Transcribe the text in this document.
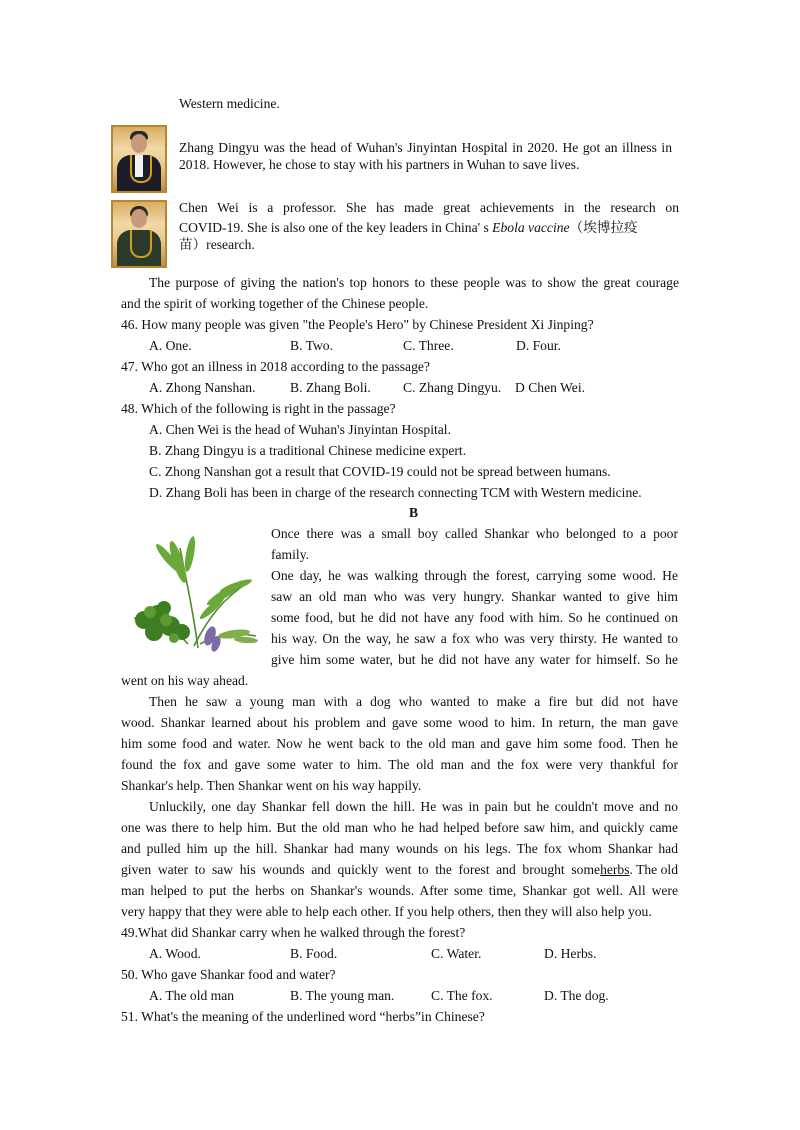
Western medicine.
Zhang Dingyu was the head of Wuhan's Jinyintan Hospital in 2020. He got an illness in
2018. However, he chose to stay with his partners in Wuhan to save lives.
Chen Wei is a professor. She has made great achievements in the research on
COVID-19. She is also one of the key leaders in China' s Ebola vaccine（埃博拉疫
苗）research.
The purpose of giving the nation's top honors to these people was to show the great courage
and the spirit of working together of the Chinese people.
46. How many people was given "the People's Hero" by Chinese President Xi Jinping?
A. One.	B. Two.	C. Three.	D. Four.
47. Who got an illness in 2018 according to the passage?
A. Zhong Nanshan.	B. Zhang Boli. C. Zhang Dingyu. D Chen Wei.
48. Which of the following is right in the passage?
A. Chen Wei is the head of Wuhan's Jinyintan Hospital.
B. Zhang Dingyu is a traditional Chinese medicine expert.
C. Zhong Nanshan got a result that COVID-19 could not be spread between humans.
D. Zhang Boli has been in charge of the research connecting TCM with Western medicine.
B
Once there was a small boy called Shankar who belonged to a poor
family.
One day, he was walking through the forest, carrying some wood. He
saw an old man who was very hungry. Shankar wanted to give him
some food, but he did not have any food with him. So he continued on
his way. On the way, he saw a fox who was very thirsty. He wanted to
give him some water, but he did not have any water for himself. So he
went on his way ahead.
Then he saw a young man with a dog who wanted to make a fire but did not have
wood. Shankar learned about his problem and gave some wood to him. In return, the man gave
him some food and water. Now he went back to the old man and gave him some food. Then he
found the fox and gave some water to him. The old man and the fox were very thankful for
Shankar's help. Then Shankar went on his way happily.
Unluckily, one day Shankar fell down the hill. He was in pain but he couldn't move and no
one was there to help him. But the old man who he had helped before saw him, and quickly came
and pulled him up the hill. Shankar had many wounds on his legs. The fox whom Shankar had
given water to saw his wounds and quickly went to the forest and brought some herbs . The old
man helped to put the herbs on Shankar's wounds. After some time, Shankar got well. All were
very happy that they were able to help each other. If you help others, then they will also help you.
49.What did Shankar carry when he walked through the forest?
A. Wood.	B. Food.	C. Water.	D. Herbs.
50. Who gave Shankar food and water?
A. The old man	B. The young man.	C. The fox.	D. The dog.
51. What's the meaning of the underlined word “herbs”in Chinese?
